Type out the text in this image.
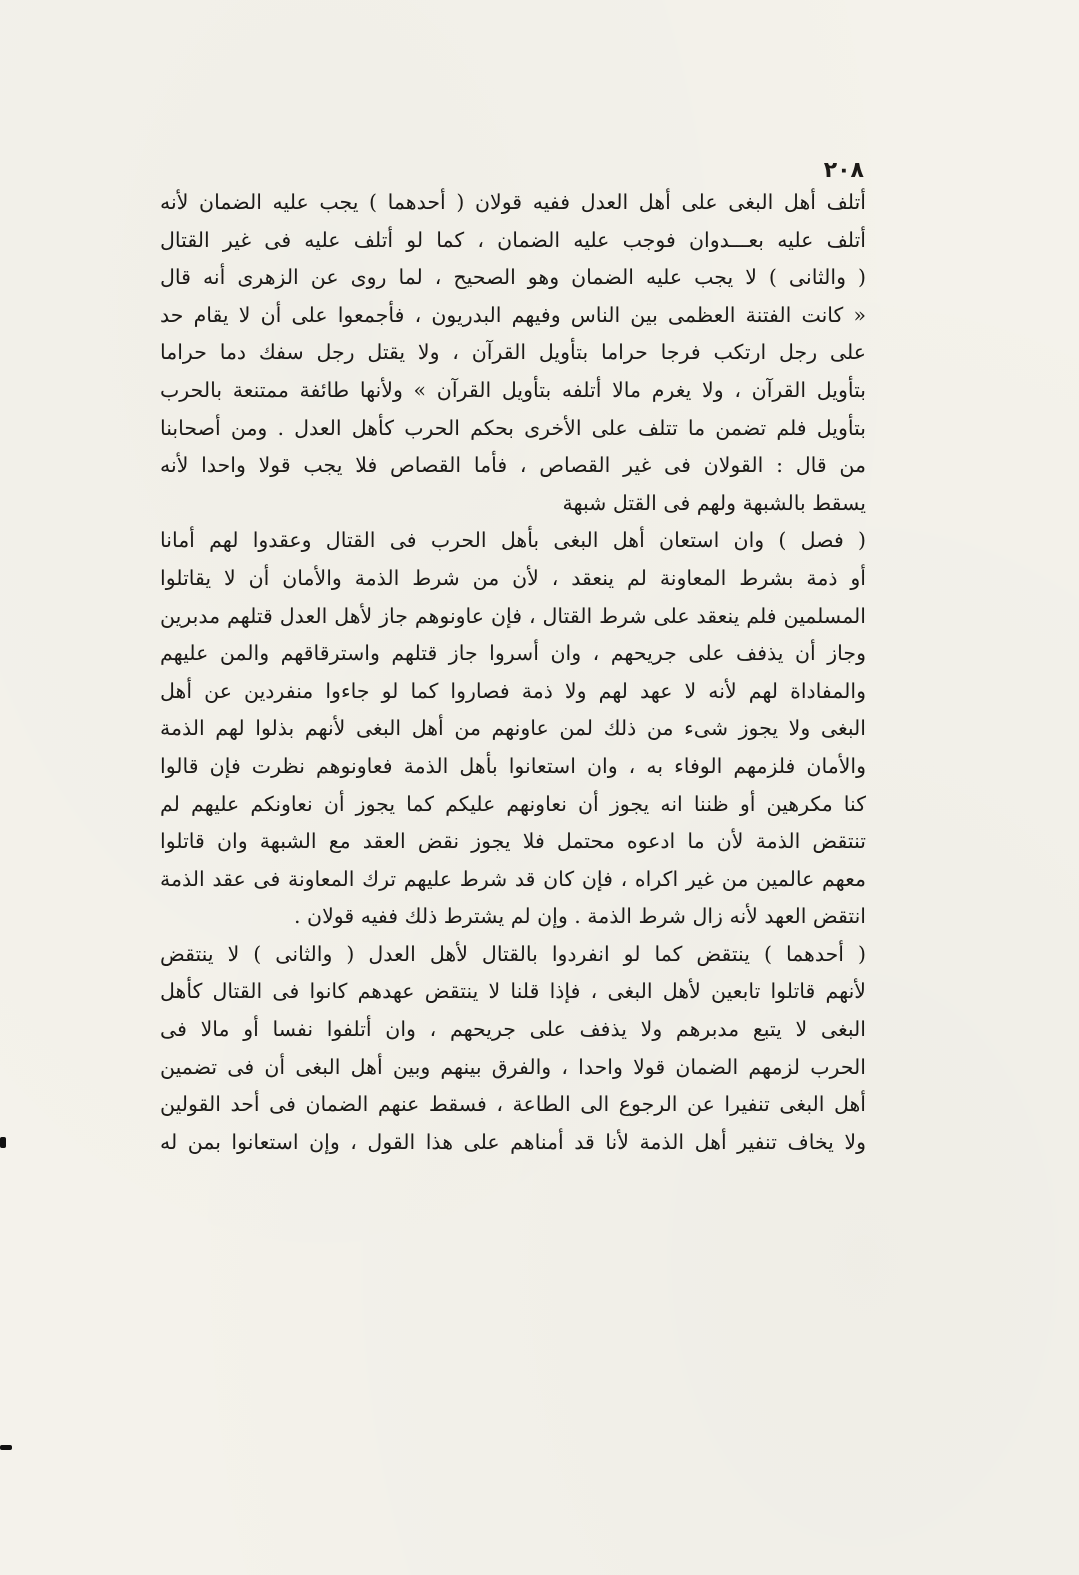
٢٠٨
أتلف أهل البغى على أهل العدل ففيه قولان ( أحدهما ) يجب عليه الضمان لأنه
أتلف عليه بعـــدوان فوجب عليه الضمان ، كما لو أتلف عليه فى غير القتال
( والثانى ) لا يجب عليه الضمان وهو الصحيح ، لما روى عن الزهرى أنه قال
« كانت الفتنة العظمى بين الناس وفيهم البدريون ، فأجمعوا على أن لا يقام حد
على رجل ارتكب فرجا حراما بتأويل القرآن ، ولا يقتل رجل سفك دما حراما
بتأويل القرآن ، ولا يغرم مالا أتلفه بتأويل القرآن » ولأنها طائفة ممتنعة بالحرب
بتأويل فلم تضمن ما تتلف على الأخرى بحكم الحرب كأهل العدل . ومن أصحابنا
من قال : القولان فى غير القصاص ، فأما القصاص فلا يجب قولا واحدا لأنه
يسقط بالشبهة ولهم فى القتل شبهة
( فصل ) وان استعان أهل البغى بأهل الحرب فى القتال وعقدوا لهم أمانا
أو ذمة بشرط المعاونة لم ينعقد ، لأن من شرط الذمة والأمان أن لا يقاتلوا
المسلمين فلم ينعقد على شرط القتال ، فإن عاونوهم جاز لأهل العدل قتلهم مدبرين
وجاز أن يذفف على جريحهم ، وان أسروا جاز قتلهم واسترقاقهم والمن عليهم
والمفاداة لهم لأنه لا عهد لهم ولا ذمة فصاروا كما لو جاءوا منفردين عن أهل
البغى ولا يجوز شىء من ذلك لمن عاونهم من أهل البغى لأنهم بذلوا لهم الذمة
والأمان فلزمهم الوفاء به ، وان استعانوا بأهل الذمة فعاونوهم نظرت فإن قالوا
كنا مكرهين أو ظننا انه يجوز أن نعاونهم عليكم كما يجوز أن نعاونكم عليهم لم
تنتقض الذمة لأن ما ادعوه محتمل فلا يجوز نقض العقد مع الشبهة وان قاتلوا
معهم عالمين من غير اكراه ، فإن كان قد شرط عليهم ترك المعاونة فى عقد الذمة
انتقض العهد لأنه زال شرط الذمة . وإن لم يشترط ذلك ففيه قولان .
( أحدهما ) ينتقض كما لو انفردوا بالقتال لأهل العدل ( والثانى ) لا ينتقض
لأنهم قاتلوا تابعين لأهل البغى ، فإذا قلنا لا ينتقض عهدهم كانوا فى القتال كأهل
البغى لا يتبع مدبرهم ولا يذفف على جريحهم ، وان أتلفوا نفسا أو مالا فى
الحرب لزمهم الضمان قولا واحدا ، والفرق بينهم وبين أهل البغى أن فى تضمين
أهل البغى تنفيرا عن الرجوع الى الطاعة ، فسقط عنهم الضمان فى أحد القولين
ولا يخاف تنفير أهل الذمة لأنا قد أمناهم على هذا القول ، وإن استعانوا بمن له
